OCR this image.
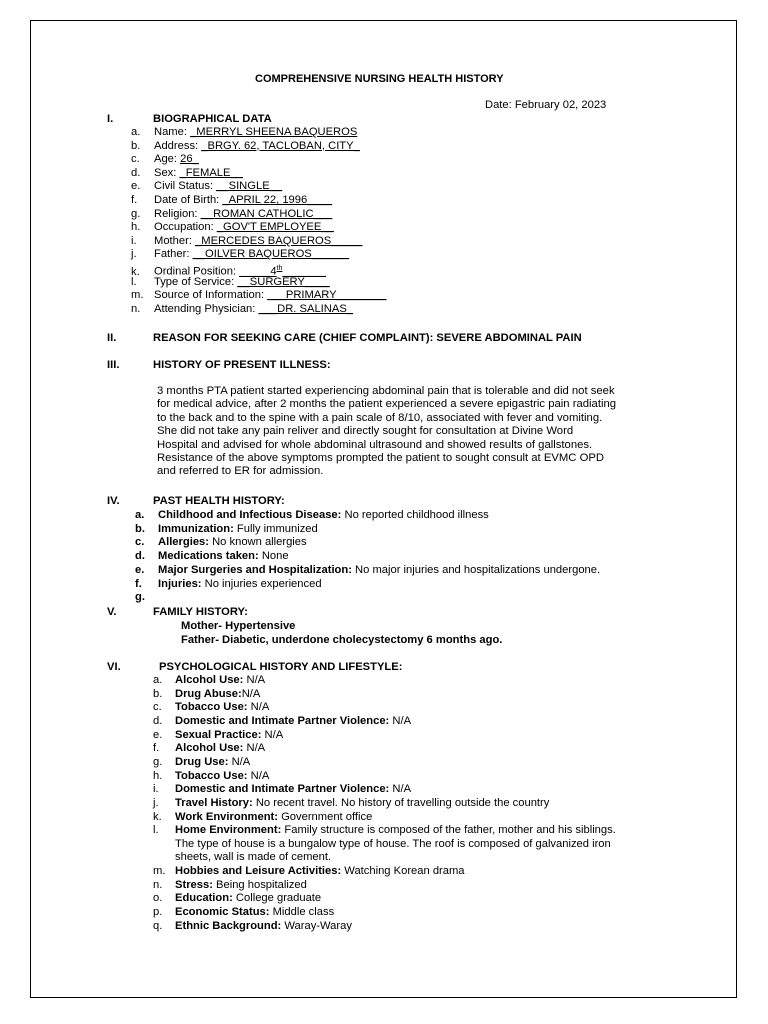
COMPREHENSIVE NURSING HEALTH HISTORY
Date: February 02, 2023
I.	BIOGRAPHICAL DATA
a. Name: _MERRYL SHEENA BAQUEROS
b. Address: _BRGY. 62, TACLOBAN, CITY_
c. Age: 26_
d. Sex: _FEMALE__
e. Civil Status: __SINGLE__
f. Date of Birth: _APRIL 22, 1996____
g. Religion: __ROMAN CATHOLIC___
h. Occupation: _GOV'T EMPLOYEE__
i. Mother: _MERCEDES BAQUEROS_____
j. Father: __OILVER BAQUEROS______
k. Ordinal Position: _____4th_______
l. Type of Service: __SURGERY____
m. Source of Information: ___PRIMARY________
n. Attending Physician: ___DR. SALINAS_
II.	REASON FOR SEEKING CARE (CHIEF COMPLAINT): SEVERE ABDOMINAL PAIN
III.	HISTORY OF PRESENT ILLNESS:
3 months PTA patient started experiencing abdominal pain that is tolerable and did not seek
for medical advice, after 2 months the patient experienced a severe epigastric pain radiating
to the back and to the spine with a pain scale of 8/10, associated with fever and vomiting.
She did not take any pain reliver and directly sought for consultation at Divine Word
Hospital and advised for whole abdominal ultrasound and showed results of gallstones.
Resistance of the above symptoms prompted the patient to sought consult at EVMC OPD
and referred to ER for admission.
IV.	PAST HEALTH HISTORY:
a. Childhood and Infectious Disease: No reported childhood illness
b. Immunization: Fully immunized
c. Allergies: No known allergies
d. Medications taken: None
e. Major Surgeries and Hospitalization: No major injuries and hospitalizations undergone.
f. Injuries: No injuries experienced
g.
V.	FAMILY HISTORY:
Mother- Hypertensive
Father- Diabetic, underdone cholecystectomy 6 months ago.
VI.	PSYCHOLOGICAL HISTORY AND LIFESTYLE:
a. Alcohol Use: N/A
b. Drug Abuse:N/A
c. Tobacco Use: N/A
d. Domestic and Intimate Partner Violence: N/A
e. Sexual Practice: N/A
f. Alcohol Use: N/A
g. Drug Use: N/A
h. Tobacco Use: N/A
i. Domestic and Intimate Partner Violence: N/A
j. Travel History: No recent travel. No history of travelling outside the country
k. Work Environment: Government office
l. Home Environment: Family structure is composed of the father, mother and his siblings.
The type of house is a bungalow type of house. The roof is composed of galvanized iron
sheets, wall is made of cement.
m. Hobbies and Leisure Activities: Watching Korean drama
n. Stress: Being hospitalized
o. Education: College graduate
p. Economic Status: Middle class
q. Ethnic Background: Waray-Waray
